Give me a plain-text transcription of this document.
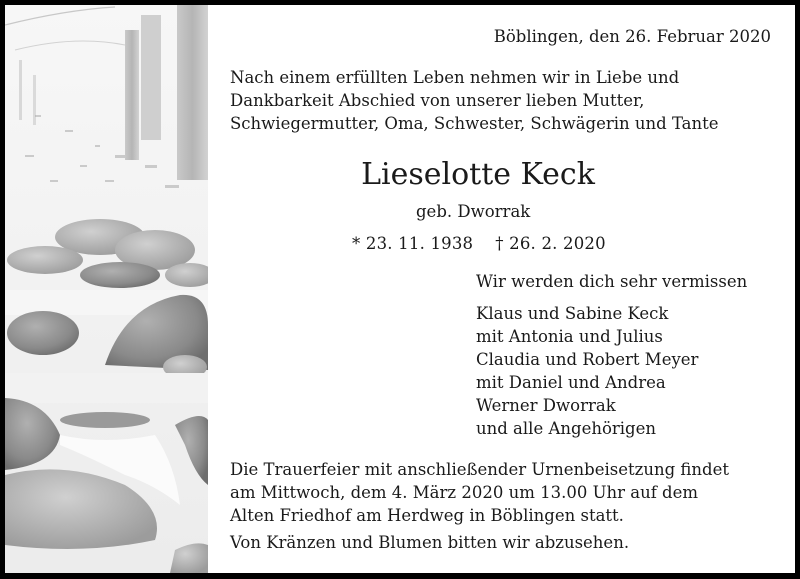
Böblingen, den 26. Februar 2020
Nach einem erfüllten Leben nehmen wir in Liebe und
Dankbarkeit Abschied von unserer lieben Mutter,
Schwiegermutter, Oma, Schwester, Schwägerin und Tante
Lieselotte Keck
geb. Dworrak
* 23. 11. 1938 † 26. 2. 2020
Wir werden dich sehr vermissen
Klaus und Sabine Keck
mit Antonia und Julius
Claudia und Robert Meyer
mit Daniel und Andrea
Werner Dworrak
und alle Angehörigen
Die Trauerfeier mit anschließender Urnenbeisetzung findet
am Mittwoch, dem 4. März 2020 um 13.00 Uhr auf dem
Alten Friedhof am Herdweg in Böblingen statt.
Von Kränzen und Blumen bitten wir abzusehen.
